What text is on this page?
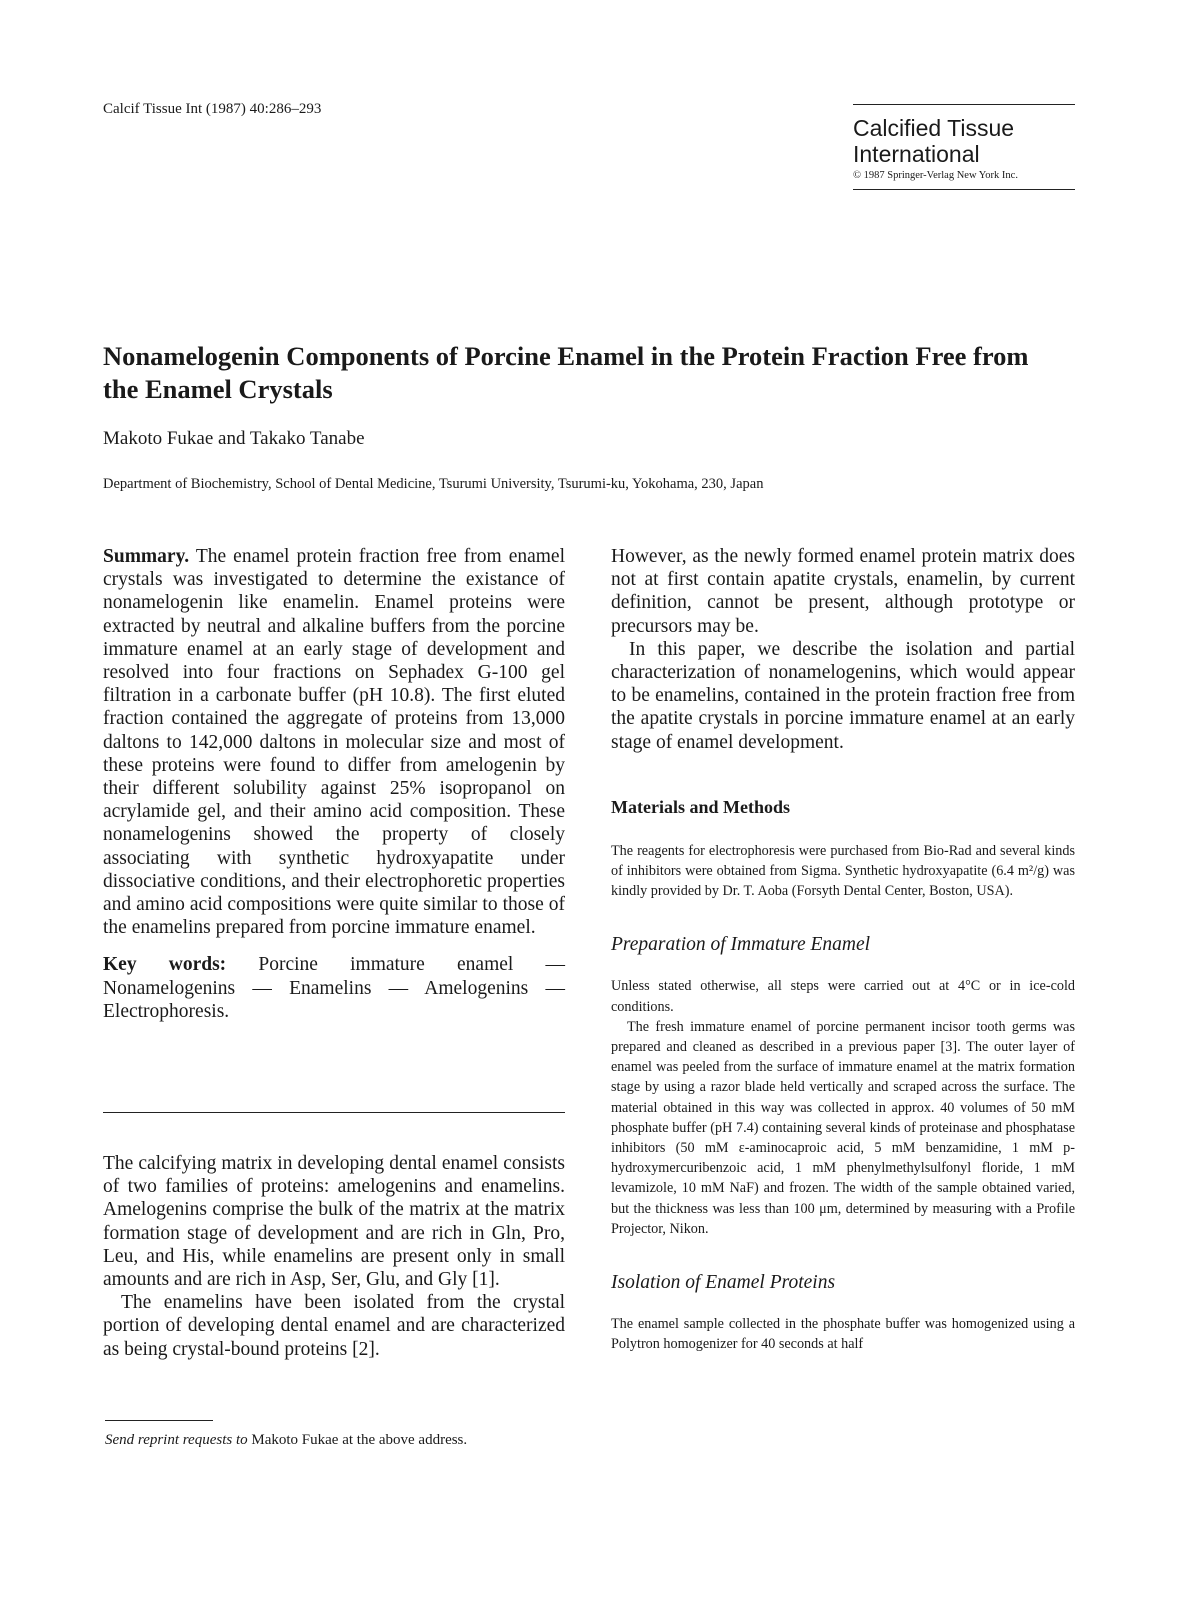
Calcif Tissue Int (1987) 40:286–293
Calcified Tissue International
© 1987 Springer-Verlag New York Inc.
Nonamelogenin Components of Porcine Enamel in the Protein Fraction Free from the Enamel Crystals
Makoto Fukae and Takako Tanabe
Department of Biochemistry, School of Dental Medicine, Tsurumi University, Tsurumi-ku, Yokohama, 230, Japan

Summary. The enamel protein fraction free from enamel crystals was investigated to determine the existance of nonamelogenin like enamelin. Enamel proteins were extracted by neutral and alkaline buffers from the porcine immature enamel at an early stage of development and resolved into four fractions on Sephadex G-100 gel filtration in a carbonate buffer (pH 10.8). The first eluted fraction contained the aggregate of proteins from 13,000 daltons to 142,000 daltons in molecular size and most of these proteins were found to differ from amelogenin by their different solubility against 25% isopropanol on acrylamide gel, and their amino acid composition. These nonamelogenins showed the property of closely associating with synthetic hydroxyapatite under dissociative conditions, and their electrophoretic properties and amino acid compositions were quite similar to those of the enamelins prepared from porcine immature enamel.

Key words: Porcine immature enamel — Nonamelogenins — Enamelins — Amelogenins — Electrophoresis.

The calcifying matrix in developing dental enamel consists of two families of proteins: amelogenins and enamelins. Amelogenins comprise the bulk of the matrix at the matrix formation stage of development and are rich in Gln, Pro, Leu, and His, while enamelins are present only in small amounts and are rich in Asp, Ser, Glu, and Gly [1].

The enamelins have been isolated from the crystal portion of developing dental enamel and are characterized as being crystal-bound proteins [2].

Send reprint requests to Makoto Fukae at the above address.

However, as the newly formed enamel protein matrix does not at first contain apatite crystals, enamelin, by current definition, cannot be present, although prototype or precursors may be.

In this paper, we describe the isolation and partial characterization of nonamelogenins, which would appear to be enamelins, contained in the protein fraction free from the apatite crystals in porcine immature enamel at an early stage of enamel development.

Materials and Methods

The reagents for electrophoresis were purchased from Bio-Rad and several kinds of inhibitors were obtained from Sigma. Synthetic hydroxyapatite (6.4 m²/g) was kindly provided by Dr. T. Aoba (Forsyth Dental Center, Boston, USA).

Preparation of Immature Enamel

Unless stated otherwise, all steps were carried out at 4°C or in ice-cold conditions.

The fresh immature enamel of porcine permanent incisor tooth germs was prepared and cleaned as described in a previous paper [3]. The outer layer of enamel was peeled from the surface of immature enamel at the matrix formation stage by using a razor blade held vertically and scraped across the surface. The material obtained in this way was collected in approx. 40 volumes of 50 mM phosphate buffer (pH 7.4) containing several kinds of proteinase and phosphatase inhibitors (50 mM ε-aminocaproic acid, 5 mM benzamidine, 1 mM p-hydroxymercuribenzoic acid, 1 mM phenylmethylsulfonyl floride, 1 mM levamizole, 10 mM NaF) and frozen. The width of the sample obtained varied, but the thickness was less than 100 μm, determined by measuring with a Profile Projector, Nikon.

Isolation of Enamel Proteins

The enamel sample collected in the phosphate buffer was homogenized using a Polytron homogenizer for 40 seconds at half
